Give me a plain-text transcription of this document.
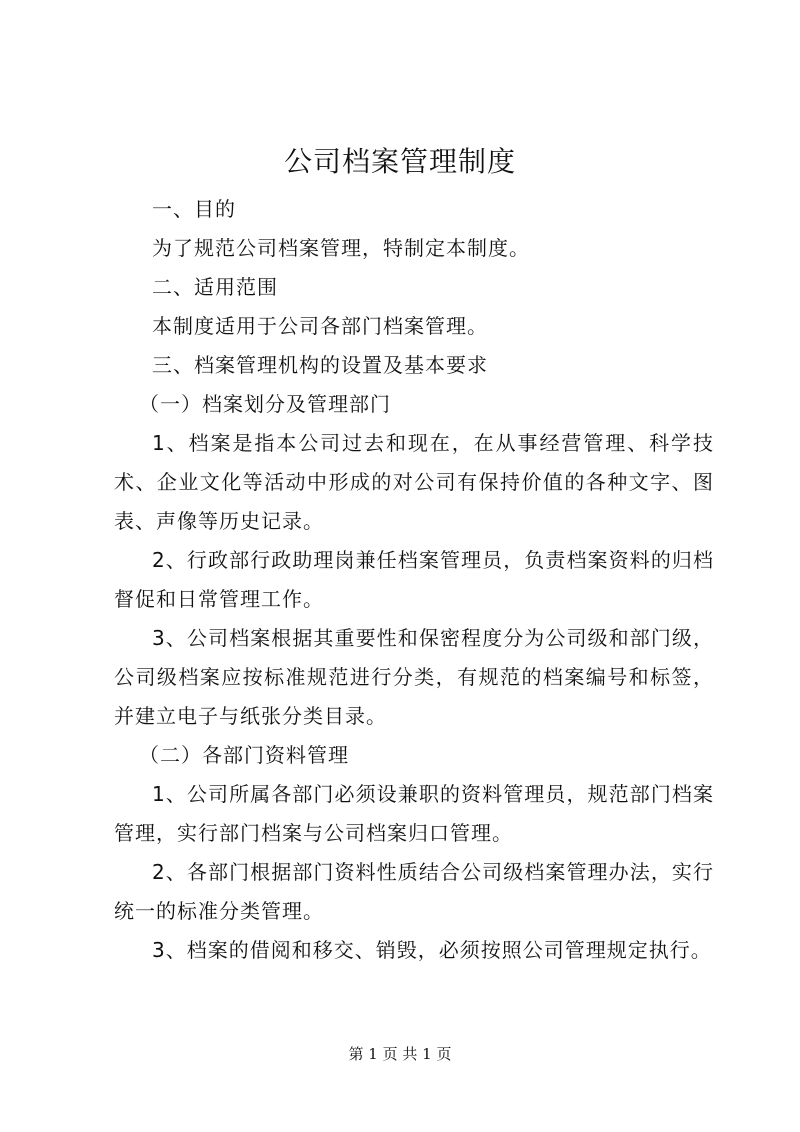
公司档案管理制度

一、目的

为了规范公司档案管理，特制定本制度。

二、适用范围

本制度适用于公司各部门档案管理。

三、档案管理机构的设置及基本要求

（一）档案划分及管理部门

1、档案是指本公司过去和现在，在从事经营管理、科学技术、企业文化等活动中形成的对公司有保持价值的各种文字、图表、声像等历史记录。

2、行政部行政助理岗兼任档案管理员，负责档案资料的归档督促和日常管理工作。

3、公司档案根据其重要性和保密程度分为公司级和部门级，公司级档案应按标准规范进行分类，有规范的档案编号和标签，并建立电子与纸张分类目录。

（二）各部门资料管理

1、公司所属各部门必须设兼职的资料管理员，规范部门档案管理，实行部门档案与公司档案归口管理。

2、各部门根据部门资料性质结合公司级档案管理办法，实行统一的标准分类管理。

3、档案的借阅和移交、销毁，必须按照公司管理规定执行。

第 1 页 共 1 页
